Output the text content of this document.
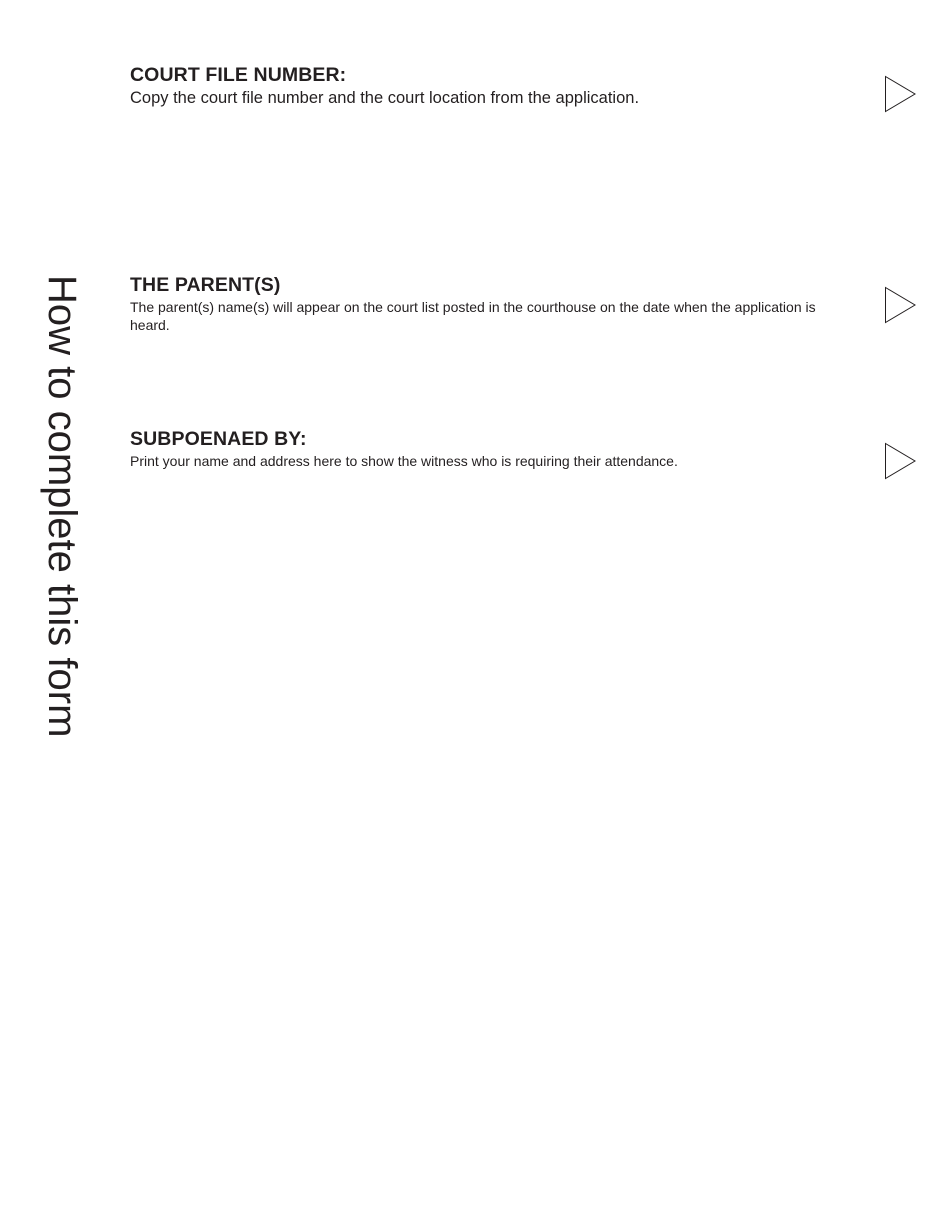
How to complete this form
COURT FILE NUMBER:

Copy the court file number and the court location from the application.

THE PARENT(S)

The parent(s) name(s) will appear on the court list posted in the courthouse on the date when the application is heard.

SUBPOENAED BY:

Print your name and address here to show the witness who is requiring their attendance.
